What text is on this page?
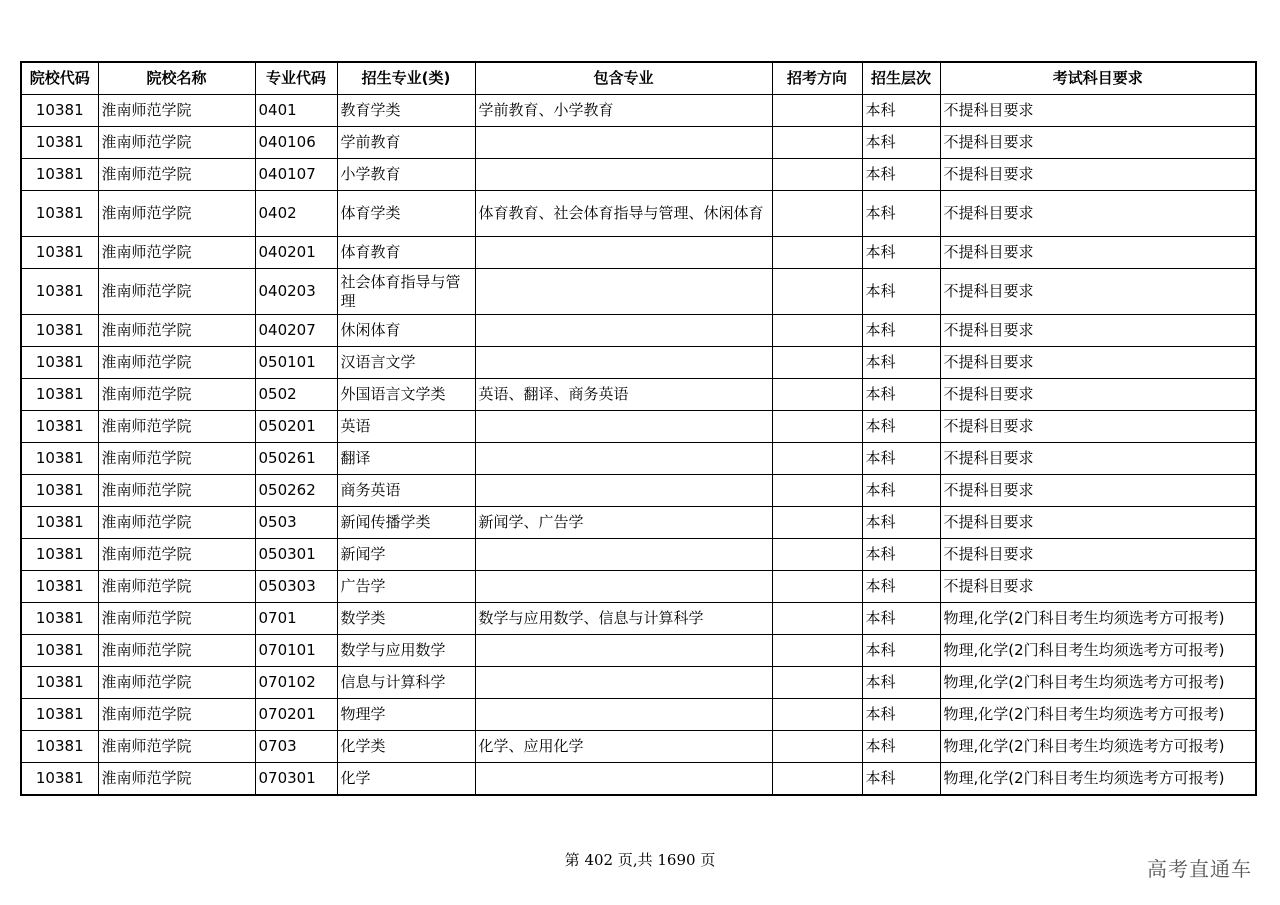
院校代码	院校名称	专业代码	招生专业(类)	包含专业	招考方向	招生层次	考试科目要求
10381	淮南师范学院	0401	教育学类	学前教育、小学教育		本科	不提科目要求
10381	淮南师范学院	040106	学前教育			本科	不提科目要求
10381	淮南师范学院	040107	小学教育			本科	不提科目要求
10381	淮南师范学院	0402	体育学类	体育教育、社会体育指导与管理、休闲体育		本科	不提科目要求
10381	淮南师范学院	040201	体育教育			本科	不提科目要求
10381	淮南师范学院	040203	社会体育指导与管理			本科	不提科目要求
10381	淮南师范学院	040207	休闲体育			本科	不提科目要求
10381	淮南师范学院	050101	汉语言文学			本科	不提科目要求
10381	淮南师范学院	0502	外国语言文学类	英语、翻译、商务英语		本科	不提科目要求
10381	淮南师范学院	050201	英语			本科	不提科目要求
10381	淮南师范学院	050261	翻译			本科	不提科目要求
10381	淮南师范学院	050262	商务英语			本科	不提科目要求
10381	淮南师范学院	0503	新闻传播学类	新闻学、广告学		本科	不提科目要求
10381	淮南师范学院	050301	新闻学			本科	不提科目要求
10381	淮南师范学院	050303	广告学			本科	不提科目要求
10381	淮南师范学院	0701	数学类	数学与应用数学、信息与计算科学		本科	物理,化学(2门科目考生均须选考方可报考)
10381	淮南师范学院	070101	数学与应用数学			本科	物理,化学(2门科目考生均须选考方可报考)
10381	淮南师范学院	070102	信息与计算科学			本科	物理,化学(2门科目考生均须选考方可报考)
10381	淮南师范学院	070201	物理学			本科	物理,化学(2门科目考生均须选考方可报考)
10381	淮南师范学院	0703	化学类	化学、应用化学		本科	物理,化学(2门科目考生均须选考方可报考)
10381	淮南师范学院	070301	化学			本科	物理,化学(2门科目考生均须选考方可报考)
第 402 页,共 1690 页	高考直通车
